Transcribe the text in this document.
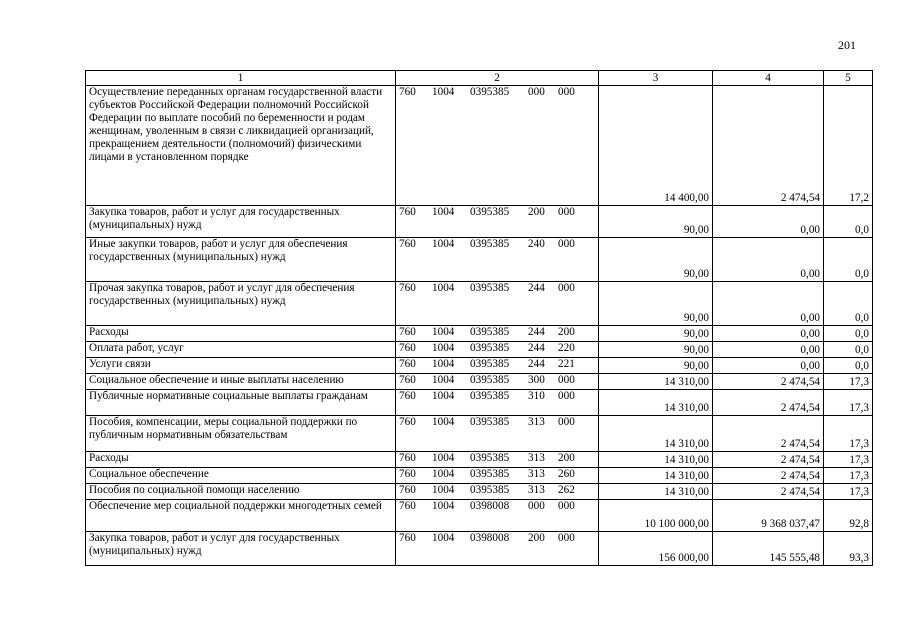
201
1	2	3	4	5
Осуществление переданных органам государственной власти субъектов Российской Федерации полномочий Российской Федерации по выплате пособий по беременности и родам женщинам, уволенным в связи с ликвидацией организаций, прекращением деятельности (полномочий) физическими лицами в установленном порядке	760 1004 0395385 000 000	14 400,00	2 474,54	17,2
Закупка товаров, работ и услуг для государственных (муниципальных) нужд	760 1004 0395385 200 000	90,00	0,00	0,0
Иные закупки товаров, работ и услуг для обеспечения государственных (муниципальных) нужд	760 1004 0395385 240 000	90,00	0,00	0,0
Прочая закупка товаров, работ и услуг для обеспечения государственных (муниципальных) нужд	760 1004 0395385 244 000	90,00	0,00	0,0
Расходы	760 1004 0395385 244 200	90,00	0,00	0,0
Оплата работ, услуг	760 1004 0395385 244 220	90,00	0,00	0,0
Услуги связи	760 1004 0395385 244 221	90,00	0,00	0,0
Социальное обеспечение и иные выплаты населению	760 1004 0395385 300 000	14 310,00	2 474,54	17,3
Публичные нормативные социальные выплаты гражданам	760 1004 0395385 310 000	14 310,00	2 474,54	17,3
Пособия, компенсации, меры социальной поддержки по публичным нормативным обязательствам	760 1004 0395385 313 000	14 310,00	2 474,54	17,3
Расходы	760 1004 0395385 313 200	14 310,00	2 474,54	17,3
Социальное обеспечение	760 1004 0395385 313 260	14 310,00	2 474,54	17,3
Пособия по социальной помощи населению	760 1004 0395385 313 262	14 310,00	2 474,54	17,3
Обеспечение мер социальной поддержки многодетных семей	760 1004 0398008 000 000	10 100 000,00	9 368 037,47	92,8
Закупка товаров, работ и услуг для государственных (муниципальных) нужд	760 1004 0398008 200 000	156 000,00	145 555,48	93,3
